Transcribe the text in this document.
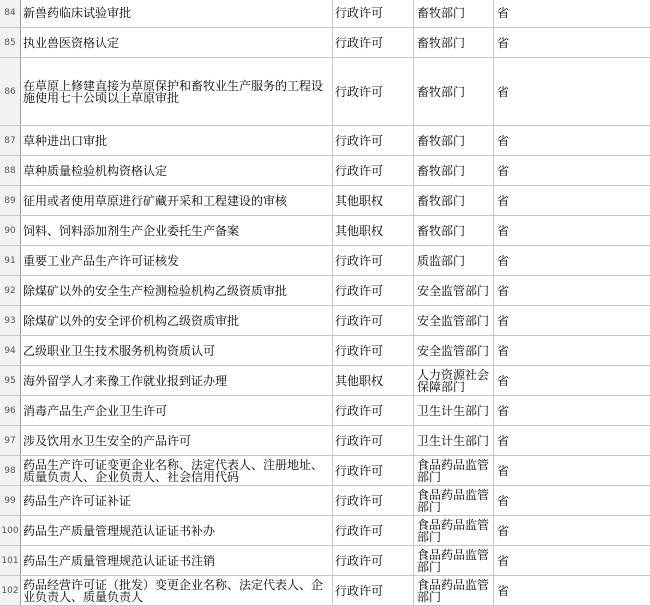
84 新兽药临床试验审批	行政许可	畜牧部门	省
85 执业兽医资格认定	行政许可	畜牧部门	省
86 在草原上修建直接为草原保护和畜牧业生产服务的工程设施使用七十公顷以上草原审批	行政许可	畜牧部门	省
87 草种进出口审批	行政许可	畜牧部门	省
88 草种质量检验机构资格认定	行政许可	畜牧部门	省
89 征用或者使用草原进行矿藏开采和工程建设的审核	其他职权	畜牧部门	省
90 饲料、饲料添加剂生产企业委托生产备案	其他职权	畜牧部门	省
91 重要工业产品生产许可证核发	行政许可	质监部门	省
92 除煤矿以外的安全生产检测检验机构乙级资质审批	行政许可	安全监管部门 省
93 除煤矿以外的安全评价机构乙级资质审批	行政许可	安全监管部门 省
94 乙级职业卫生技术服务机构资质认可	行政许可	安全监管部门 省
95 海外留学人才来豫工作就业报到证办理	其他职权	人力资源社会保障部门	省
96 消毒产品生产企业卫生许可	行政许可	卫生计生部门 省
97 涉及饮用水卫生安全的产品许可	行政许可	卫生计生部门 省
98 药品生产许可证变更企业名称、法定代表人、注册地址、质量负责人、企业负责人、社会信用代码	行政许可	食品药品监管部门	省
99 药品生产许可证补证	行政许可	食品药品监管部门	省
100 药品生产质量管理规范认证证书补办	行政许可	食品药品监管部门	省
101 药品生产质量管理规范认证证书注销	行政许可	食品药品监管部门	省
102 药品经营许可证（批发）变更企业名称、法定代表人、企业负责人、质量负责人	行政许可	食品药品监管部门	省
